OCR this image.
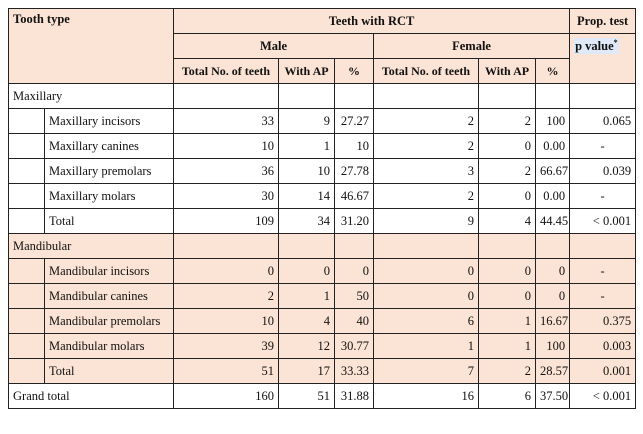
Tooth type		Teeth with RCT						Prop. test
		Male			Female			p value*
		Total No. of teeth	With AP	%	Total No. of teeth	With AP	%	
Maxillary								
	Maxillary incisors	33	9	27.27	2	2	100	0.065
	Maxillary canines	10	1	10	2	0	0.00	-
	Maxillary premolars	36	10	27.78	3	2	66.67	0.039
	Maxillary molars	30	14	46.67	2	0	0.00	-
	Total	109	34	31.20	9	4	44.45	< 0.001
Mandibular								
	Mandibular incisors	0	0	0	0	0	0	-
	Mandibular canines	2	1	50	0	0	0	-
	Mandibular premolars	10	4	40	6	1	16.67	0.375
	Mandibular molars	39	12	30.77	1	1	100	0.003
	Total	51	17	33.33	7	2	28.57	0.001
Grand total		160	51	31.88	16	6	37.50	< 0.001
